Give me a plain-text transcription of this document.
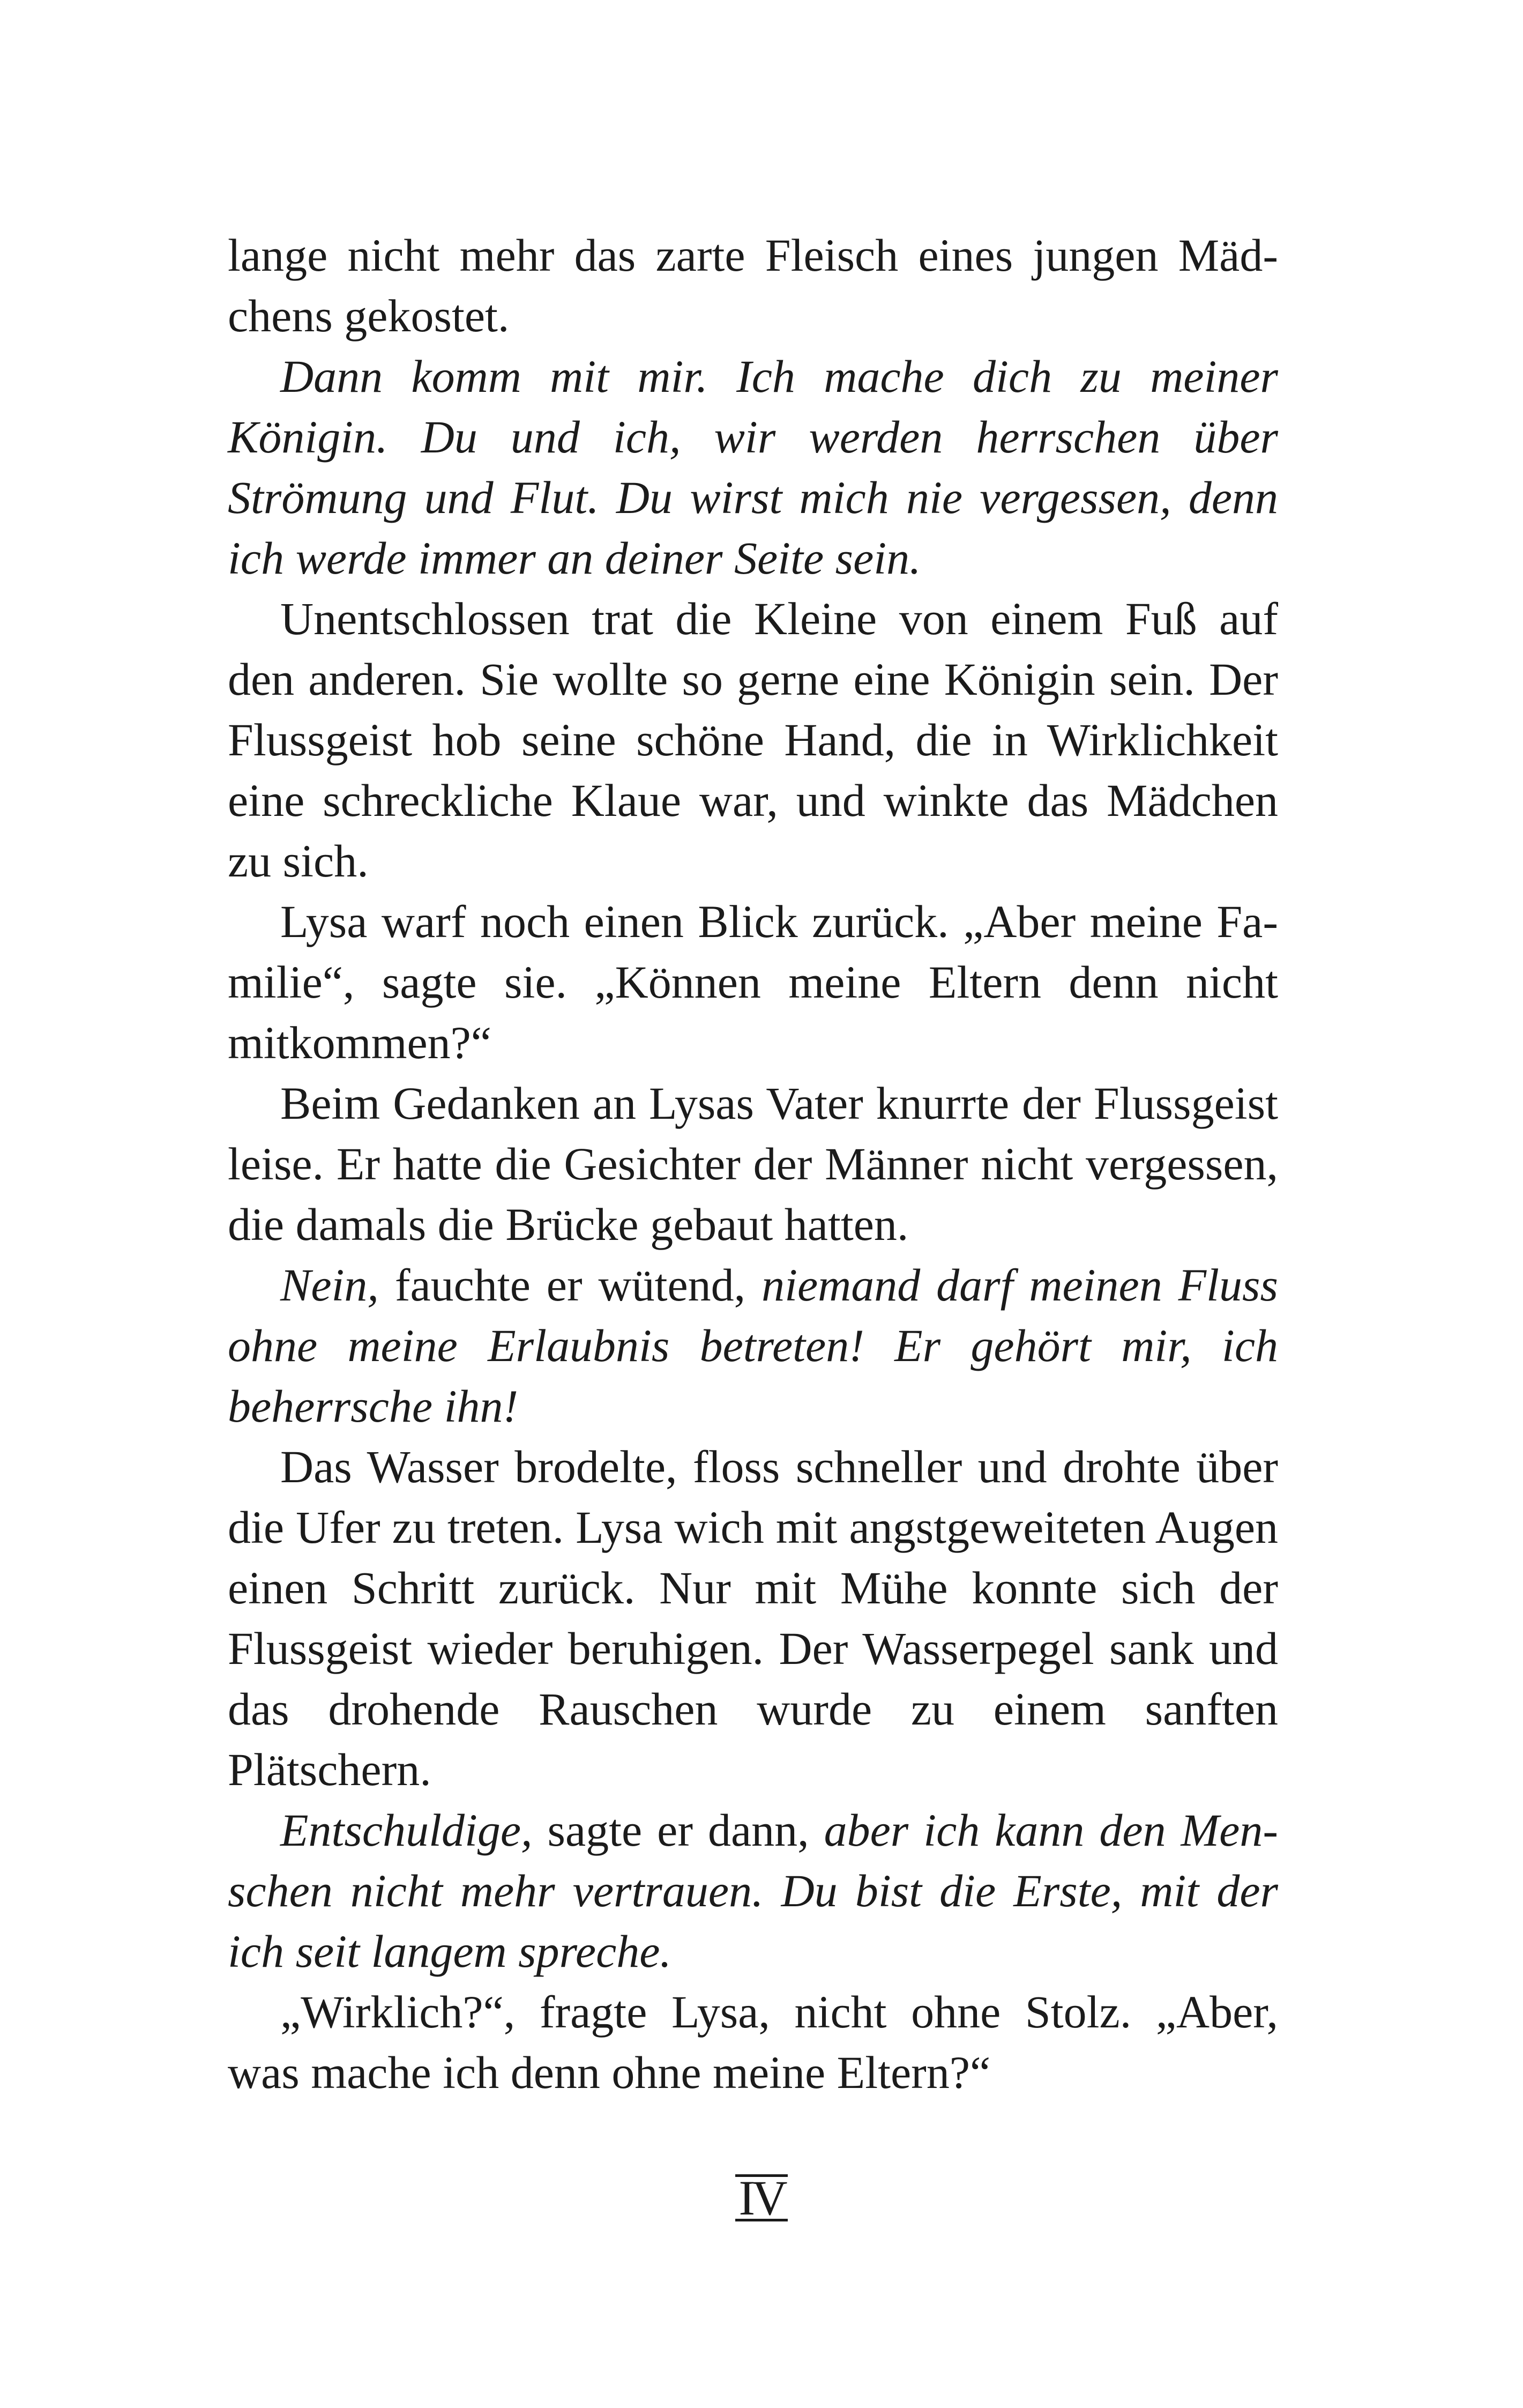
lange nicht mehr das zarte Fleisch eines jungen Mädchens gekostet.

Dann komm mit mir. Ich mache dich zu meiner Königin. Du und ich, wir werden herrschen über Strömung und Flut. Du wirst mich nie vergessen, denn ich werde immer an deiner Seite sein.

Unentschlossen trat die Kleine von einem Fuß auf den anderen. Sie wollte so gerne eine Königin sein. Der Flussgeist hob seine schöne Hand, die in Wirklichkeit eine schreckliche Klaue war, und winkte das Mädchen zu sich.

Lysa warf noch einen Blick zurück. „Aber meine Familie“, sagte sie. „Können meine Eltern denn nicht mitkommen?“

Beim Gedanken an Lysas Vater knurrte der Flussgeist leise. Er hatte die Gesichter der Männer nicht vergessen, die damals die Brücke gebaut hatten.

Nein, fauchte er wütend, niemand darf meinen Fluss ohne meine Erlaubnis betreten! Er gehört mir, ich beherrsche ihn!

Das Wasser brodelte, floss schneller und drohte über die Ufer zu treten. Lysa wich mit angstgeweiteten Augen einen Schritt zurück. Nur mit Mühe konnte sich der Flussgeist wieder beruhigen. Der Wasserpegel sank und das drohende Rauschen wurde zu einem sanften Plätschern.

Entschuldige, sagte er dann, aber ich kann den Menschen nicht mehr vertrauen. Du bist die Erste, mit der ich seit langem spreche.

„Wirklich?“, fragte Lysa, nicht ohne Stolz. „Aber, was mache ich denn ohne meine Eltern?“

IV
